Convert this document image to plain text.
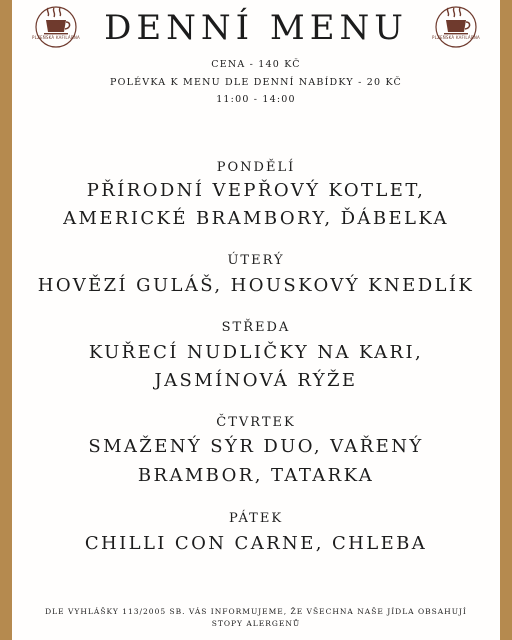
PLZEŇSKÁ KAFILÁRNA DENNÍ MENU	PLZEŇSKÁ KAFILÁRNA
CENA - 140 KČ
POLÉVKA K MENU DLE DENNÍ NABÍDKY - 20 KČ
11:00 - 14:00
PONDĚLÍ
PŘÍRODNÍ VEPŘOVÝ KOTLET,
AMERICKÉ BRAMBORY, ĎÁBELKA
ÚTERÝ
HOVĚZÍ GULÁŠ, HOUSKOVÝ KNEDLÍK
STŘEDA
KUŘECÍ NUDLIČKY NA KARI,
JASMÍNOVÁ RÝŽE
ČTVRTEK
SMAŽENÝ SÝR DUO, VAŘENÝ
BRAMBOR, TATARKA
PÁTEK
CHILLI CON CARNE, CHLEBA
DLE VYHLÁŠKY 113/2005 SB. VÁS INFORMUJEME, ŽE VŠECHNA NAŠE JÍDLA OBSAHUJÍ
STOPY ALERGENŮ
